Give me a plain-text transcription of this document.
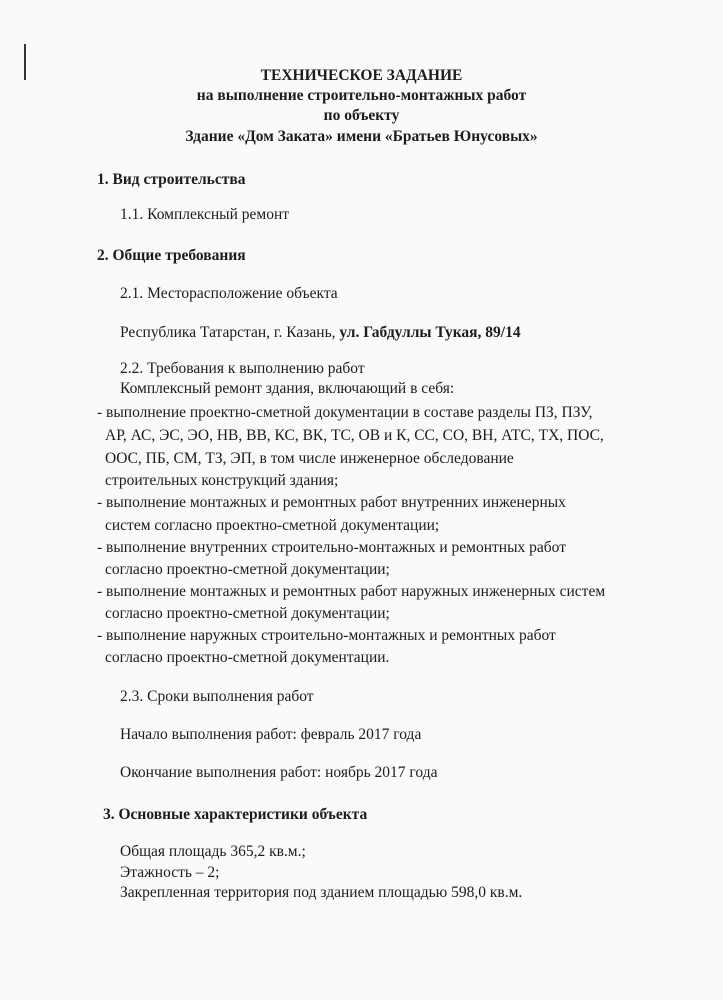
ТЕХНИЧЕСКОЕ ЗАДАНИЕ
на выполнение строительно-монтажных работ
по объекту
Здание «Дом Заката» имени «Братьев Юнусовых»
1. Вид строительства
1.1. Комплексный ремонт
2. Общие требования
2.1. Месторасположение объекта
Республика Татарстан, г. Казань, ул. Габдуллы Тукая, 89/14
2.2. Требования к выполнению работ
Комплексный ремонт здания, включающий в себя:
- выполнение проектно-сметной документации в составе разделы ПЗ, ПЗУ,
АР, АС, ЭС, ЭО, НВ, ВВ, КС, ВК, ТС, ОВ и К, СС, СО, ВН, АТС, ТХ, ПОС,
ООС, ПБ, СМ, ТЗ, ЭП, в том числе инженерное обследование
строительных конструкций здания;
- выполнение монтажных и ремонтных работ внутренних инженерных
систем согласно проектно-сметной документации;
- выполнение внутренних строительно-монтажных и ремонтных работ
согласно проектно-сметной документации;
- выполнение монтажных и ремонтных работ наружных инженерных систем
согласно проектно-сметной документации;
- выполнение наружных строительно-монтажных и ремонтных работ
согласно проектно-сметной документации.
2.3. Сроки выполнения работ
Начало выполнения работ: февраль 2017 года
Окончание выполнения работ: ноябрь 2017 года
3. Основные характеристики объекта
Общая площадь 365,2 кв.м.;
Этажность – 2;
Закрепленная территория под зданием площадью 598,0 кв.м.
